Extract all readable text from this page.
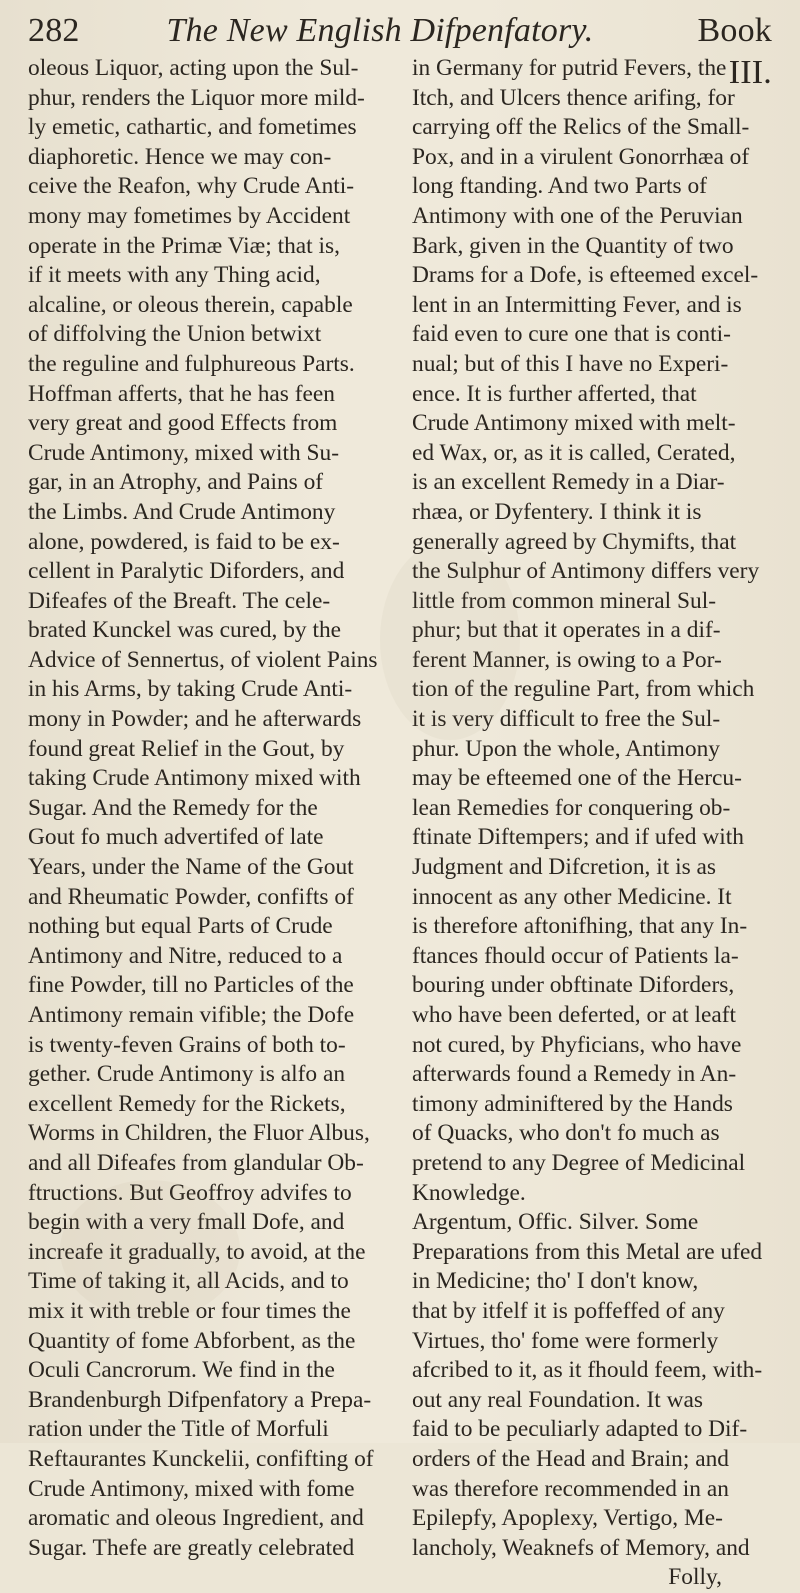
282	The New English Difpenfatory.	Book III.
oleous Liquor, acting upon the Sul-
phur, renders the Liquor more mild-
ly emetic, cathartic, and fometimes
diaphoretic. Hence we may con-
ceive the Reafon, why Crude Anti-
mony may fometimes by Accident
operate in the Primæ Viæ; that is,
if it meets with any Thing acid,
alcaline, or oleous therein, capable
of diffolving the Union betwixt
the reguline and fulphureous Parts.
Hoffman afferts, that he has feen
very great and good Effects from
Crude Antimony, mixed with Su-
gar, in an Atrophy, and Pains of
the Limbs. And Crude Antimony
alone, powdered, is faid to be ex-
cellent in Paralytic Diforders, and
Difeafes of the Breaft. The cele-
brated Kunckel was cured, by the
Advice of Sennertus, of violent Pains
in his Arms, by taking Crude Anti-
mony in Powder; and he afterwards
found great Relief in the Gout, by
taking Crude Antimony mixed with
Sugar. And the Remedy for the
Gout fo much advertifed of late
Years, under the Name of the Gout
and Rheumatic Powder, confifts of
nothing but equal Parts of Crude
Antimony and Nitre, reduced to a
fine Powder, till no Particles of the
Antimony remain vifible; the Dofe
is twenty-feven Grains of both to-
gether. Crude Antimony is alfo an
excellent Remedy for the Rickets,
Worms in Children, the Fluor Albus,
and all Difeafes from glandular Ob-
ftructions. But Geoffroy advifes to
begin with a very fmall Dofe, and
increafe it gradually, to avoid, at the
Time of taking it, all Acids, and to
mix it with treble or four times the
Quantity of fome Abforbent, as the
Oculi Cancrorum. We find in the
Brandenburgh Difpenfatory a Prepa-
ration under the Title of Morfuli
Reftaurantes Kunckelii, confifting of
Crude Antimony, mixed with fome
aromatic and oleous Ingredient, and
Sugar. Thefe are greatly celebrated
in Germany for putrid Fevers, the
Itch, and Ulcers thence arifing, for
carrying off the Relics of the Small-
Pox, and in a virulent Gonorrhæa of
long ftanding. And two Parts of
Antimony with one of the Peruvian
Bark, given in the Quantity of two
Drams for a Dofe, is efteemed excel-
lent in an Intermitting Fever, and is
faid even to cure one that is conti-
nual; but of this I have no Experi-
ence. It is further afferted, that
Crude Antimony mixed with melt-
ed Wax, or, as it is called, Cerated,
is an excellent Remedy in a Diar-
rhæa, or Dyfentery. I think it is
generally agreed by Chymifts, that
the Sulphur of Antimony differs very
little from common mineral Sul-
phur; but that it operates in a dif-
ferent Manner, is owing to a Por-
tion of the reguline Part, from which
it is very difficult to free the Sul-
phur. Upon the whole, Antimony
may be efteemed one of the Hercu-
lean Remedies for conquering ob-
ftinate Diftempers; and if ufed with
Judgment and Difcretion, it is as
innocent as any other Medicine. It
is therefore aftonifhing, that any In-
ftances fhould occur of Patients la-
bouring under obftinate Diforders,
who have been deferted, or at leaft
not cured, by Phyficians, who have
afterwards found a Remedy in An-
timony adminiftered by the Hands
of Quacks, who don't fo much as
pretend to any Degree of Medicinal
Knowledge.
Argentum, Offic. Silver. Some
Preparations from this Metal are ufed
in Medicine; tho' I don't know,
that by itfelf it is poffeffed of any
Virtues, tho' fome were formerly
afcribed to it, as it fhould feem, with-
out any real Foundation. It was
faid to be peculiarly adapted to Dif-
orders of the Head and Brain; and
was therefore recommended in an
Epilepfy, Apoplexy, Vertigo, Me-
lancholy, Weaknefs of Memory, and
Folly,
